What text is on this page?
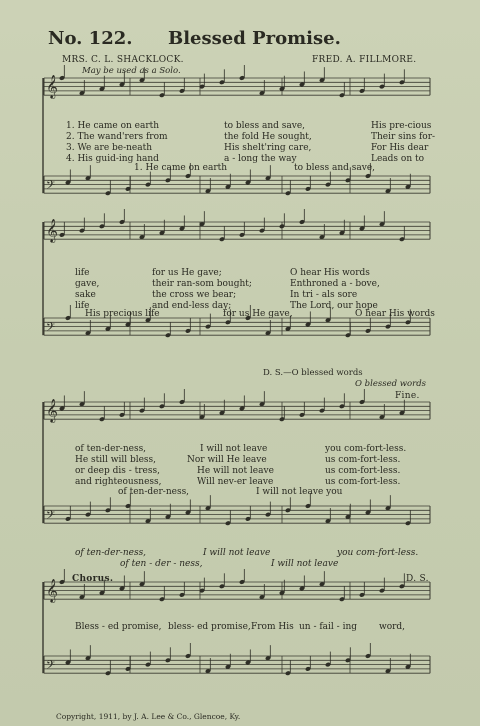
No. 122. Blessed Promise.
MRS. C. L. SHACKLOCK.	FRED. A. FILLMORE.
May be used as a Solo.
𝄞
𝄢
𝄞
𝄢
𝄞
𝄢
𝄞
𝄢
1. He came on earth	to bless and save,	His pre-cious
2. The wand'rers from	the fold He sought,	Their sins for-
3. We are be-neath	His shelt'ring care,	For His dear
4. His guid-ing hand	a - long the way	Leads on to
1. He came on earth	to bless and save,
life	for us He gave;	O hear His words
gave,	their ran-som bought;	Enthroned a - bove,
sake	the cross we bear;	In tri - als sore
life	and end-less day;	The Lord, our hope
His precious life	for us He gave,	O hear His words
D. S.—O blessed words
O blessed words
Fine.
of ten-der-ness,	I will not leave	you com-fort-less.
He still will bless,	Nor will He leave	us com-fort-less.
or deep dis - tress,	He will not leave	us com-fort-less.
and righteousness,	Will nev-er leave	us com-fort-less.
of ten-der-ness,	I will not leave you
of ten-der-ness,	I will not leave	you com-fort-less.
of ten - der - ness,	I will not leave
Chorus.	D. S.
Bless - ed promise, bless- ed promise, From His un - fail - ing word,
Copyright, 1911, by J. A. Lee & Co., Glencoe, Ky.
